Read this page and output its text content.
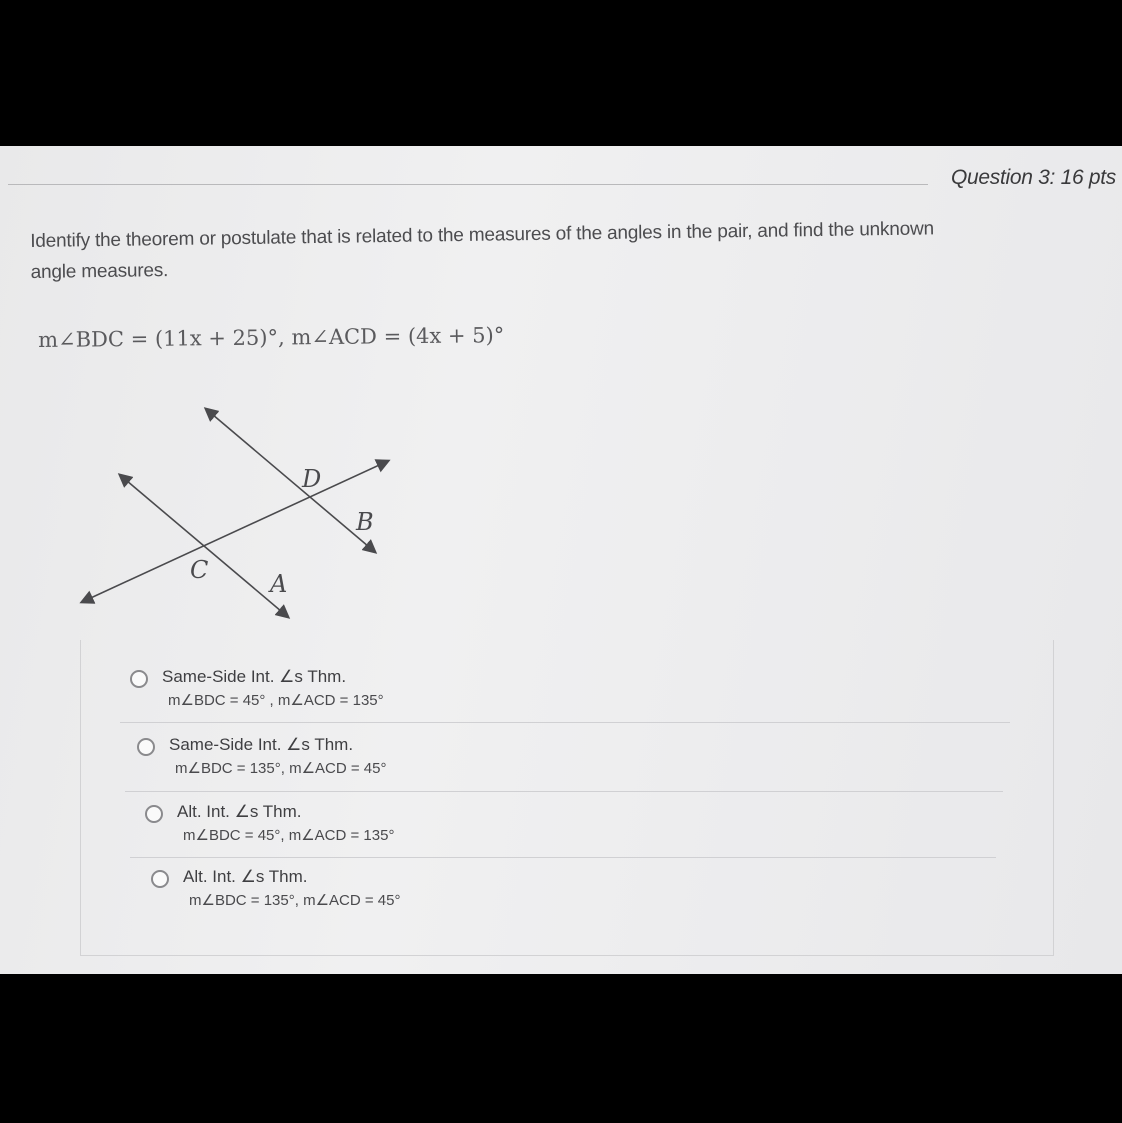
Question 3: 16 pts
Identify the theorem or postulate that is related to the measures of the angles in the pair, and find the unknown
angle measures.
m∠BDC = (11x + 25)°, m∠ACD = (4x + 5)°
D
B
C	A
Same-Side Int. ∠s Thm.
m∠BDC = 45° , m∠ACD = 135°
Same-Side Int. ∠s Thm.
m∠BDC = 135°, m∠ACD = 45°
Alt. Int. ∠s Thm.
m∠BDC = 45°, m∠ACD = 135°
Alt. Int. ∠s Thm.
m∠BDC = 135°, m∠ACD = 45°
